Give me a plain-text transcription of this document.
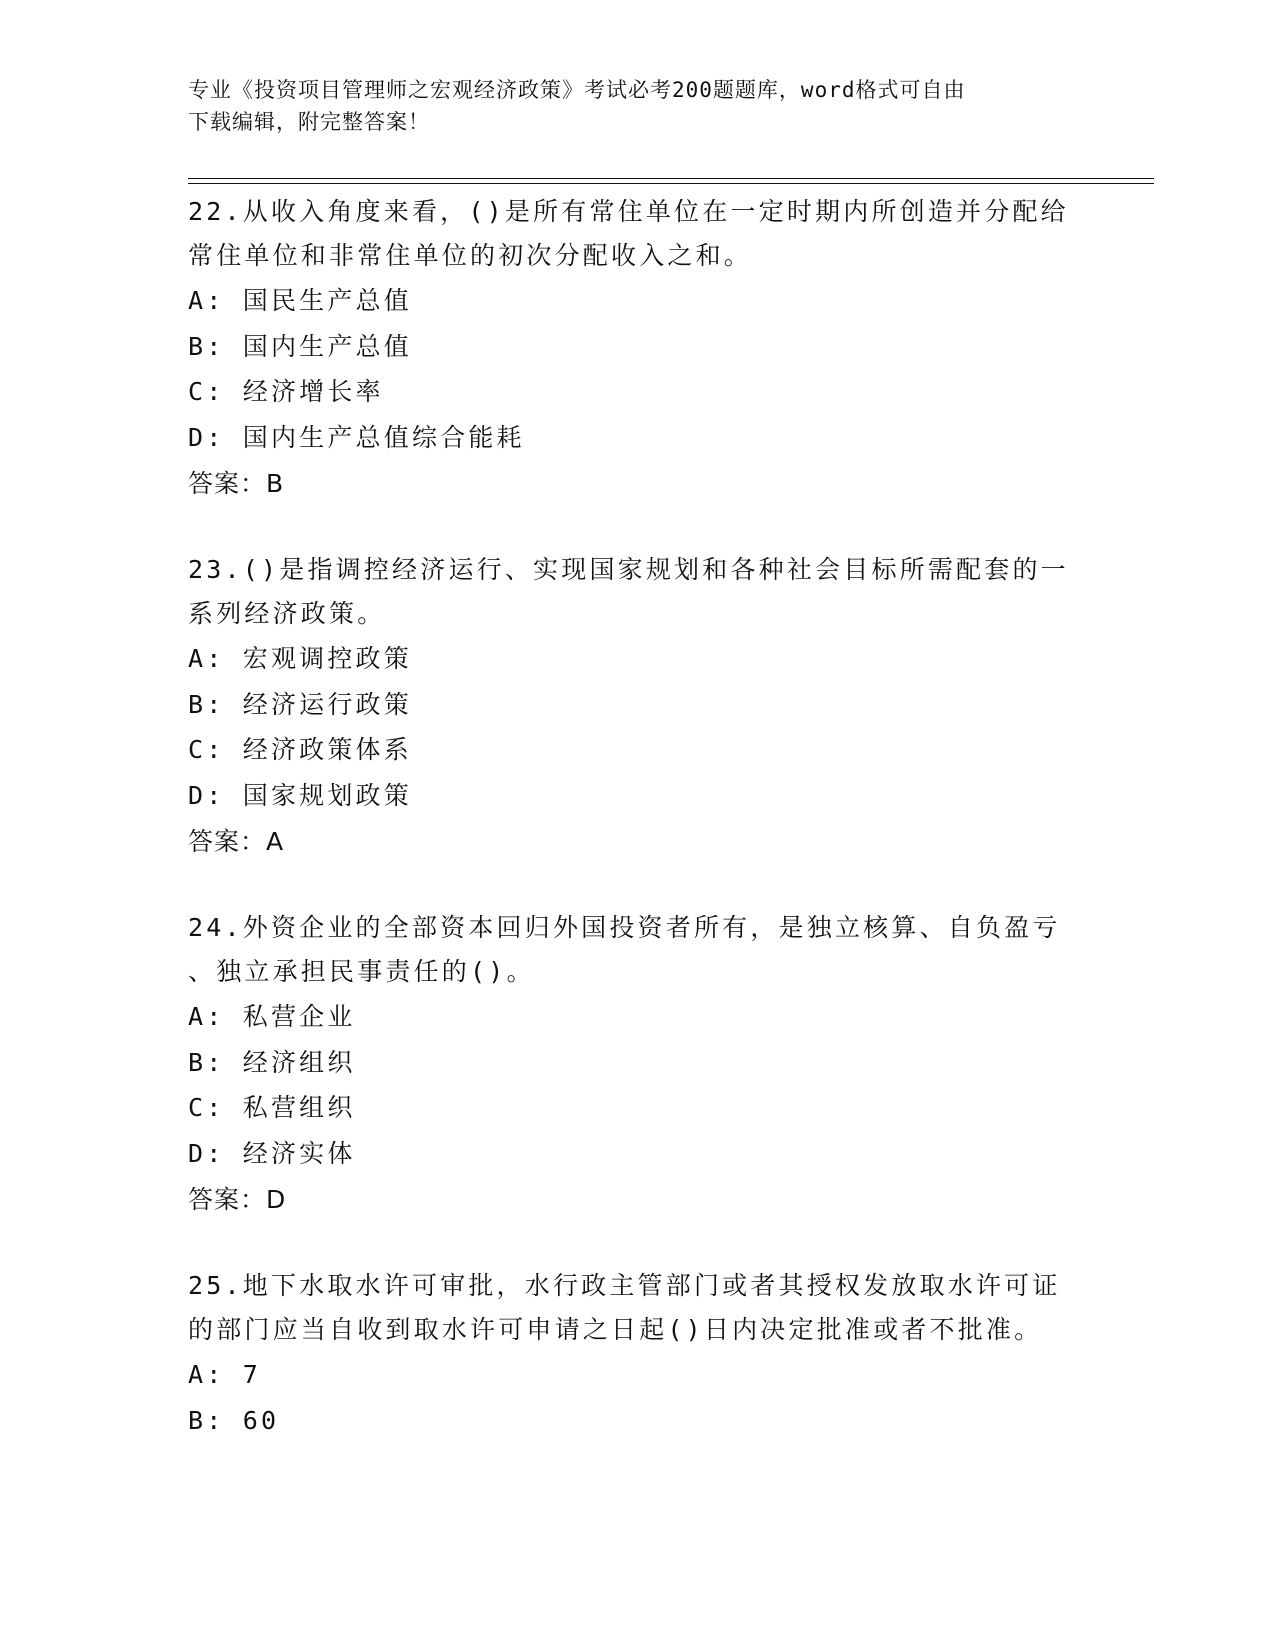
专业《投资项目管理师之宏观经济政策》考试必考200题题库，word格式可自由
下载编辑，附完整答案！
22.从收入角度来看，()是所有常住单位在一定时期内所创造并分配给
常住单位和非常住单位的初次分配收入之和。
A: 国民生产总值
B: 国内生产总值
C: 经济增长率
D: 国内生产总值综合能耗
答案：B
23.()是指调控经济运行、实现国家规划和各种社会目标所需配套的一
系列经济政策。
A: 宏观调控政策
B: 经济运行政策
C: 经济政策体系
D: 国家规划政策
答案：A
24.外资企业的全部资本回归外国投资者所有，是独立核算、自负盈亏
、独立承担民事责任的()。
A: 私营企业
B: 经济组织
C: 私营组织
D: 经济实体
答案：D
25.地下水取水许可审批，水行政主管部门或者其授权发放取水许可证
的部门应当自收到取水许可申请之日起()日内决定批准或者不批准。
A: 7
B: 60
